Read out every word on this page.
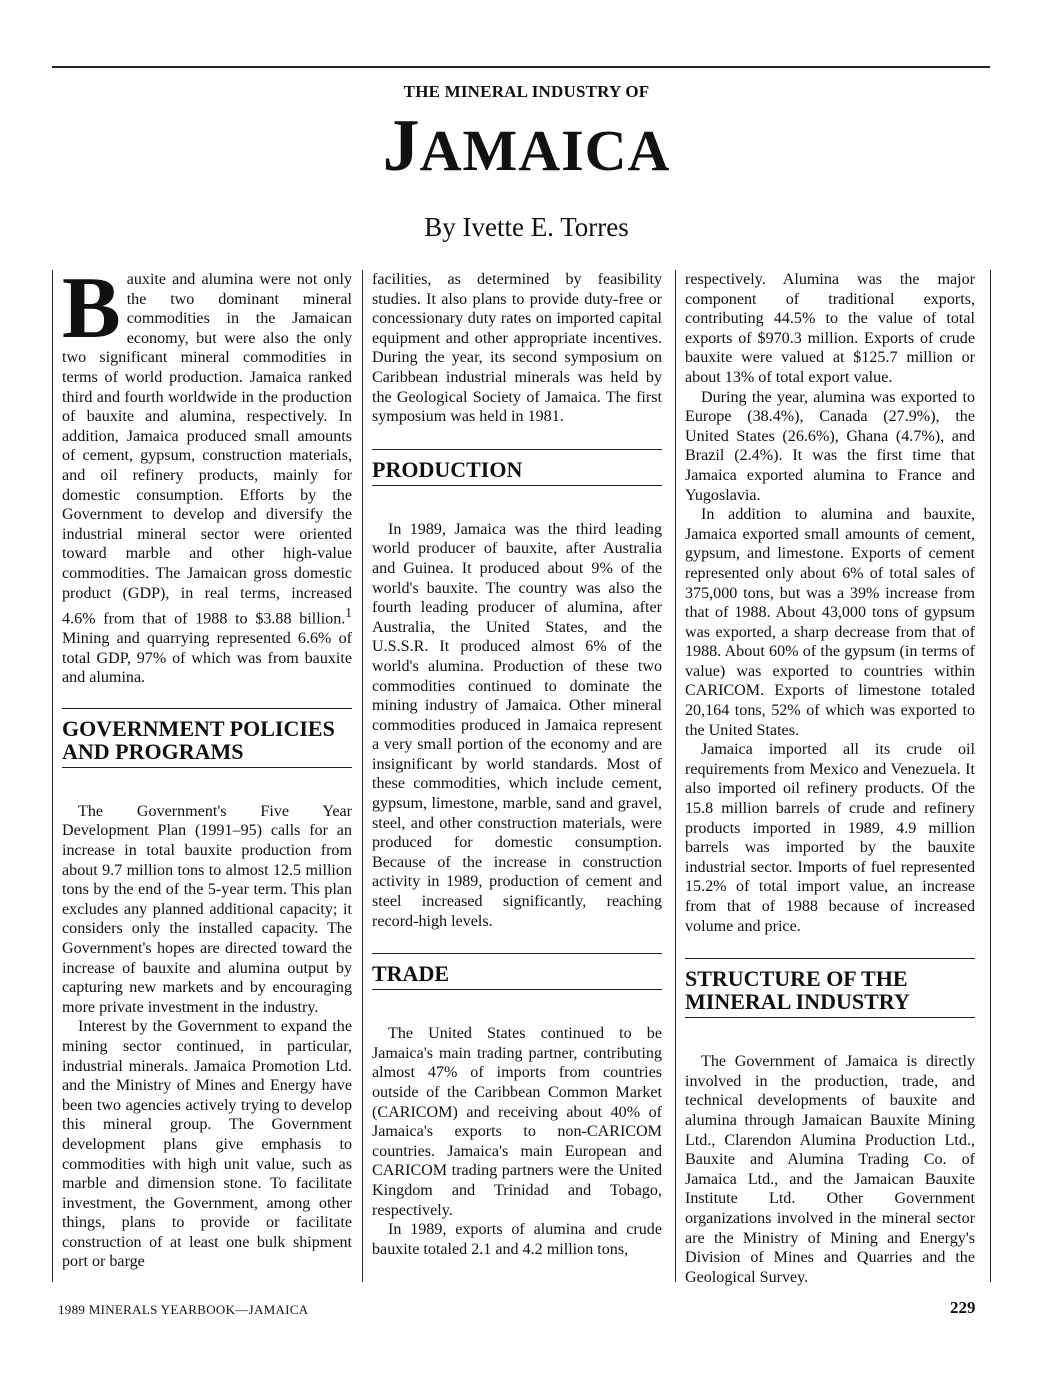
THE MINERAL INDUSTRY OF
JAMAICA
By Ivette E. Torres

Bauxite and alumina were not only the two dominant mineral commodities in the Jamaican economy, but were also the only two significant mineral commodities in terms of world production. Jamaica ranked third and fourth worldwide in the production of bauxite and alumina, respectively. In addition, Jamaica produced small amounts of cement, gypsum, construction materials, and oil refinery products, mainly for domestic consumption. Efforts by the Government to develop and diversify the industrial mineral sector were oriented toward marble and other high-value commodities. The Jamaican gross domestic product (GDP), in real terms, increased 4.6% from that of 1988 to $3.88 billion.$^1$ Mining and quarrying represented 6.6% of total GDP, 97% of which was from bauxite and alumina.

GOVERNMENT POLICIES AND PROGRAMS

The Government's Five Year Development Plan (1991–95) calls for an increase in total bauxite production from about 9.7 million tons to almost 12.5 million tons by the end of the 5-year term. This plan excludes any planned additional capacity; it considers only the installed capacity. The Government's hopes are directed toward the increase of bauxite and alumina output by capturing new markets and by encouraging more private investment in the industry.

Interest by the Government to expand the mining sector continued, in particular, industrial minerals. Jamaica Promotion Ltd. and the Ministry of Mines and Energy have been two agencies actively trying to develop this mineral group. The Government development plans give emphasis to commodities with high unit value, such as marble and dimension stone. To facilitate investment, the Government, among other things, plans to provide or facilitate construction of at least one bulk shipment port or barge

facilities, as determined by feasibility studies. It also plans to provide duty-free or concessionary duty rates on imported capital equipment and other appropriate incentives. During the year, its second symposium on Caribbean industrial minerals was held by the Geological Society of Jamaica. The first symposium was held in 1981.

PRODUCTION

In 1989, Jamaica was the third leading world producer of bauxite, after Australia and Guinea. It produced about 9% of the world's bauxite. The country was also the fourth leading producer of alumina, after Australia, the United States, and the U.S.S.R. It produced almost 6% of the world's alumina. Production of these two commodities continued to dominate the mining industry of Jamaica. Other mineral commodities produced in Jamaica represent a very small portion of the economy and are insignificant by world standards. Most of these commodities, which include cement, gypsum, limestone, marble, sand and gravel, steel, and other construction materials, were produced for domestic consumption. Because of the increase in construction activity in 1989, production of cement and steel increased significantly, reaching record-high levels.

TRADE

The United States continued to be Jamaica's main trading partner, contributing almost 47% of imports from countries outside of the Caribbean Common Market (CARICOM) and receiving about 40% of Jamaica's exports to non-CARICOM countries. Jamaica's main European and CARICOM trading partners were the United Kingdom and Trinidad and Tobago, respectively.

In 1989, exports of alumina and crude bauxite totaled 2.1 and 4.2 million tons,

respectively. Alumina was the major component of traditional exports, contributing 44.5% to the value of total exports of $970.3 million. Exports of crude bauxite were valued at $125.7 million or about 13% of total export value.

During the year, alumina was exported to Europe (38.4%), Canada (27.9%), the United States (26.6%), Ghana (4.7%), and Brazil (2.4%). It was the first time that Jamaica exported alumina to France and Yugoslavia.

In addition to alumina and bauxite, Jamaica exported small amounts of cement, gypsum, and limestone. Exports of cement represented only about 6% of total sales of 375,000 tons, but was a 39% increase from that of 1988. About 43,000 tons of gypsum was exported, a sharp decrease from that of 1988. About 60% of the gypsum (in terms of value) was exported to countries within CARICOM. Exports of limestone totaled 20,164 tons, 52% of which was exported to the United States.

Jamaica imported all its crude oil requirements from Mexico and Venezuela. It also imported oil refinery products. Of the 15.8 million barrels of crude and refinery products imported in 1989, 4.9 million barrels was imported by the bauxite industrial sector. Imports of fuel represented 15.2% of total import value, an increase from that of 1988 because of increased volume and price.

STRUCTURE OF THE MINERAL INDUSTRY

The Government of Jamaica is directly involved in the production, trade, and technical developments of bauxite and alumina through Jamaican Bauxite Mining Ltd., Clarendon Alumina Production Ltd., Bauxite and Alumina Trading Co. of Jamaica Ltd., and the Jamaican Bauxite Institute Ltd. Other Government organizations involved in the mineral sector are the Ministry of Mining and Energy's Division of Mines and Quarries and the Geological Survey.

1989 MINERALS YEARBOOK—JAMAICA	229
